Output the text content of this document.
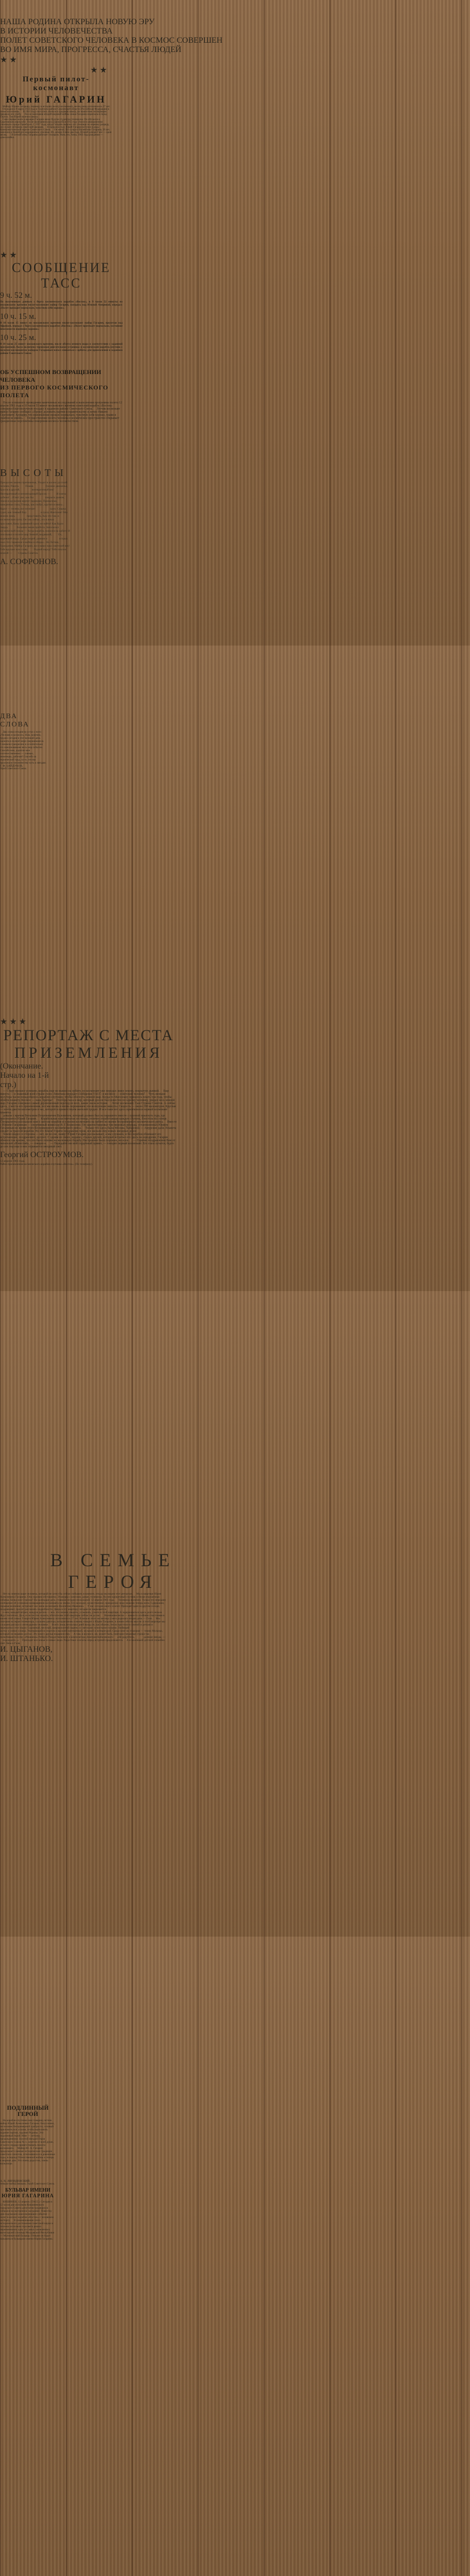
НАША РОДИНА ОТКРЫЛА НОВУЮ ЭРУ
В ИСТОРИИ ЧЕЛОВЕЧЕСТВА
ПОЛЕТ СОВЕТСКОГО ЧЕЛОВЕКА В КОСМОС СОВЕРШЕН
ВО ИМЯ МИРА, ПРОГРЕССА, СЧАСТЬЯ ЛЮДЕЙ
★ ★
★ ★
Первый пилот-космонавт
Юрий ГАГАРИН
 Майору Юрию Гагарину, первому в истории пилоту-космонавту, месяц назад исполнилось 27 лет.  Он родился 9 марта 1934 года в Гжатском районе Смоленской области (Российская Федерация) в семье колхозника.  В 1941 году поступил учиться в среднюю школу, но нашествие гитлеровцев прервало его учебу.  После окончания второй мировой войны семья Гагарина переехала в город Гжатск. Там Юрий окончил школу.
 Свои первые шаги в авиации Гагарин начал будучи студентом техникума. Он обучался в Саратовском аэроклубе. После окончания курса аэроклуба в 1955 году учился в авиационном училище в городе Оренбурге. С 1957 года, когда Гагарин окончил это училище по первому разряду, он служит летчиком советской авиации.  В прошлом году Юрий Гагарин вступил в ряды Коммунистической партии Советского Союза.  Он женат. Его супруга Валентина Гагарина, 26 лет, окончила в Оренбурге медицинское училище. Их дочери Елене два года. Второй дочери Гале — один месяц.  59-летний отец Гагарина работает столяром. Мать его, Анна, 1903 года рождения — домохозяйка.
★ ★
СООБЩЕНИЕ ТАСС
9 ч. 52 м.
По полученным данным с борта космического корабля «Восток», в 9 часов 52 минуты по московскому времени пилот-космонавт майор Гагарин, находясь над Южной Америкой, передал: «Полет проходит нормально, чувствую себя хорошо».
10 ч. 15 м.
В 10 часов 15 минут по московскому времени пилот-космонавт майор Гагарин, пролетая над Африкой, передал с борта космического корабля «Восток»: «Полет протекает нормально, состояние невесомости переношу хорошо».
10 ч. 25 м.
В 10 часов 25 минут московского времени, после облета земного шара в соответствии с заданной программой, была включена тормозная двигательная установка и космический корабль-спутник с пилотом-космонавтом майором Гагариным начал снижаться с орбиты для приземления в заданном районе Советского Союза.
ОБ УСПЕШНОМ ВОЗВРАЩЕНИИ ЧЕЛОВЕКА
ИЗ ПЕРВОГО КОСМИЧЕСКОГО ПОЛЕТА
 После успешного проведения намеченных исследований и выполнения программы полета 12 апреля 1961 года в 10 часов 55 минут московского времени советский корабль «Восток» совершил благополучную посадку в заданном районе Советского Союза.  Летчик-космонавт майор Гагарин сообщил: «Прошу доложить партии и правительству и лично Никите Сергеевичу Хрущеву, что приземление прошло нормально, чувствую себя хорошо, травм и ушибов не имею».  Осуществление полета человека в космическое пространство открывает грандиозные перспективы покорения космоса человечеством.
ВЫСОТЫ
Преодолев законы притяженья, Уходит в космос русский человек. Ракета.   Пламя.     Грозное движенье, Бросок в другой,     неотвратимый век! Неотвратимый и неповторимый Бросок —   И взяты рубежи! ...И вот уже, как бы     покрыта дымом, Земля в кружении вертит экранами, Привычная, наведенная глазу, Теперь, как глобус, крутится внизу... Вдруг — пелена, все исчезает      сразу. Снаряд гудит, как темный бор      в грозу. Фантазия! Мы можем лишь     представить, Как это там, в космическом пути; Он там сейчас, его в веках     прославят, Кому сравнений сразу не найти! Как будто твердь    больших веков пробита, Заполыхал космический пожар — Когда корабль ложился на орбиту И оползывал в полете шар Земной, видавший,   Ох, видевший виды. Среди морей, равнин и     острых скал. Его таранили и войны и обиды... Но Летчик, Гражданин, Майор Гагарин, восславил наш советский век! Тебе вручает всю славу   Родной народ! Тебе поклон земной —   Страны Советов.
А. СОФРОНОВ.
ДВА СЛОВА
 Два слова сегодня на устах у всех: «Человек в космосе». Нам, конечно, трудно сегодня в этот великий день оценить в полной мере свершившееся. Слишком грандиозно и ослепительно это взволновавшее весь мир событие.  Спасибо вам, дорогие мои соотечественники — ученые, инженеры, рабочие! Спасибо за героический труд, за то, что вы проложили человечеству путь к звездам.
Г. Ф. БАЙДУКОВ,
Герой Советского Союза.
★ ★ ★
РЕПОРТАЖ С МЕСТА
ПРИЗЕМЛЕНИЯ
(Окончание. Начало на 1-й стр.)
 — Старт прошел успешно, корабль еще не вышел на орбиту, но космонавт уже передал: вижу землю, покрытую дымкой.  Еще минута — и знакомый всей стране голос Левитана передает сообщение ТАСС: в космосе — советский человек!  Чуть меньше полутора часов понадобилось кораблю-спутнику, чтобы обогнуть земной шар. Когда-то Магеллану пришлось плыть три года, чтобы обойти планету. Космос — наш, братцы!  Полтора часа и мир, который доселе был известен по одному человеку, увидел весь земной шар. Гагарин совершил самый дерзновенный переход из всех, какие знала история.  Летит космонавт. Сын Страны Советов. А сейчас здесь, у места его приземления, все мы вновь и вновь переживаем эти волнующие минуты. Скорость — около 200 километров. Круглая — почти двести километров в час, которой и приветствуем жителей трудно. И все-таки вот здесь приземлился первый космонавт планеты.
 довали с врачом Виталием Георгиевичем Валовичем, который должен был на парашюте вместе с группой прыгнуть туда, где приземлится Юрий Гагарин.  Корабельная пластинчатая лестница, отлично отработавшая каждую ступень, блестела на солнце. Специалисты рассказали нам о запуске корабля и о жизни космонавта на орбите во время беспримерного космического рейса.  Вместе с Юрием Гагариным — спортивный комиссар И. Г. Борисенко. Он зарегистрировал три мировых рекорда, установленных Юрием Гагариным во время этого беспримерного космического рейса.  Только что здесь была Москва, Хабаровск — Амурские дали. Планета следит за трассой корабля. Но это Земля! Горячо поздравляя героя, все желали ему новых звездных дорог.
 Землю видел со стороны — нет, не во сне, наяву! Юрий Гагарин рассказывает, а мы слушаем, и без перебоя обнимают его встречающие, поздравляют, целуют. С одним из своих, видимо, старых друзей, который встречал его здесь на аэродроме, Гагарин обнялся так крепко, что это было похоже на маленькую борьбу. Настроение было хорошее, веселое.  — Горячие поздравления Вам от читателей «Известий», — говорю я.  — Передайте им мой сердечный привет, — говорит первый космонавт. Его глаза лучатся, будто до сих пор еще в них отражается звездный свет.
Георгий ОСТРОУМОВ.
12 апреля 1961 года.
Район приземления космического корабля-спутника «Восток». (По телефону).
В СЕМЬЕ ГЕРОЯ
 Нет на земном шаре человека, который не хотел бы сейчас побывать в комнате, откуда мы ведем этот репортаж.  Мы в квартире Юрия Алексеевича Гагарина. Она скромно обставлена. Этажерка с книгами, диван, телевизор. На нем крошечный спутник и белая игрушечная собачка. Белка или Стрелка? На календаре дата, ставшая сегодня эпохальной: 12 апреля 1961 года.  Телевизор включен. Только что передано сообщение об успешном возвращении космонавта на землю. Его молодое, мужественное, прекрасное лицо знакомо теперь всем. Сдержанно, скрывая волнение, встречает нас жена космонавта Валентина Ивановна.  У нас сегодня много хлопот. Приходят один за другим соседи, поздравляют, просят рассказать подробности. Дверь в эту квартиру сегодня не закрывается.
 о нем, каждый штрих, каждую деталь — все, что можно увидеть, услышать, узнать в этой квартире. А задерживаться здесь долго нельзя. Ждут читатели. Да и, если честно сказать, обитателям этой квартиры сейчас не до нас.  Нынешняя весна — какая-то особенно счастливая в жизни этой семьи. 9 марта Юрию Алексеевичу исполнилось 27 лет. В начале этого же месяца у него родилась вторая дочь — Галя.  Мы смотрим на экран телевизора, слушаем диктора, которая вновь и вновь говорит о Юрии Гагарине, и ловим себя на мысли: в этой квартире мы слушаем рассказ о легендарном человеке.  Всего лишь несколько дней назад он, как обычно, тепло простился с женой и детьми и перешагнул этот порог. Скромный, веселый, широкоплечий парень со светлыми лучистыми глазами. Любящий
шутку и умное словцо. Увлекающийся спортом и высшей математикой, музыкой и литературой. Среди книг на этажерке — томик Мольера, который он недавно достал. Эту книгу друзья подарили ему.  А там, в космосе, он, может быть, повторил чеканные строки так полюбившегося ему «Реквиема» Роберта Рождественского и композитора Дмитрия Кабалевского:  «Не радуйтесь,    далекие звезды, —  подождите...»  Приходят все новые и новые люди. Радостные хлопоты перед встречей продолжаются.  А в маленькой детской спокойно спят Лена и Галя.
И. ЦЫГАНОВ,
И. ШТАНЬКО.
ПОДЛИННЫЙ ГЕРОЙ
 На корабле-спутнике наш товарищ летчик майор Юрий Алексеевич Гагарин. Безусловно, он человек беспримерной храбрости, готовый приложить все усилия, чтобы выполнить задание партии, задание Родины. Это подлинный герой. Мне — летчику, награжденному Золотой звездой Героя Советского Союза № 1, хочется от всей души, от всего сердца приветствовать пилота-космонавта.  Майор Ю. А. Гагарин продолжает славные исторические традиции советских пилотов, отличившихся в довоенные годы, в период Отечественной войны и теперь в мирные дни. Это очень радостно, очень волнующе.
А. В. ЛЯПИДЕВСКИЙ,
генерал-майор авиации, Герой Советского Союза.
БУЛЬВАР ИМЕНИ
ЮРИЯ ГАГАРИНА
 КИШИНЕВ, 12 апреля. (ТАСС). Сегодня в 12 часов дня исполком Кишиневского городского Совета депутатов трудящихся собрался на экстренное заседание. Повестку дня подсказало ошеломляющее событие — полет в космос корабля «Восток» с человеком на борту.  В ознаменование этого исторического достижения советской науки и техники исполком горсовета решил переименовать одну из самых оживленных магистралей столицы Молдавской Республики — Мунчештский бульвар. Отныне он будет называться бульваром имени Юрия Гагарина.
